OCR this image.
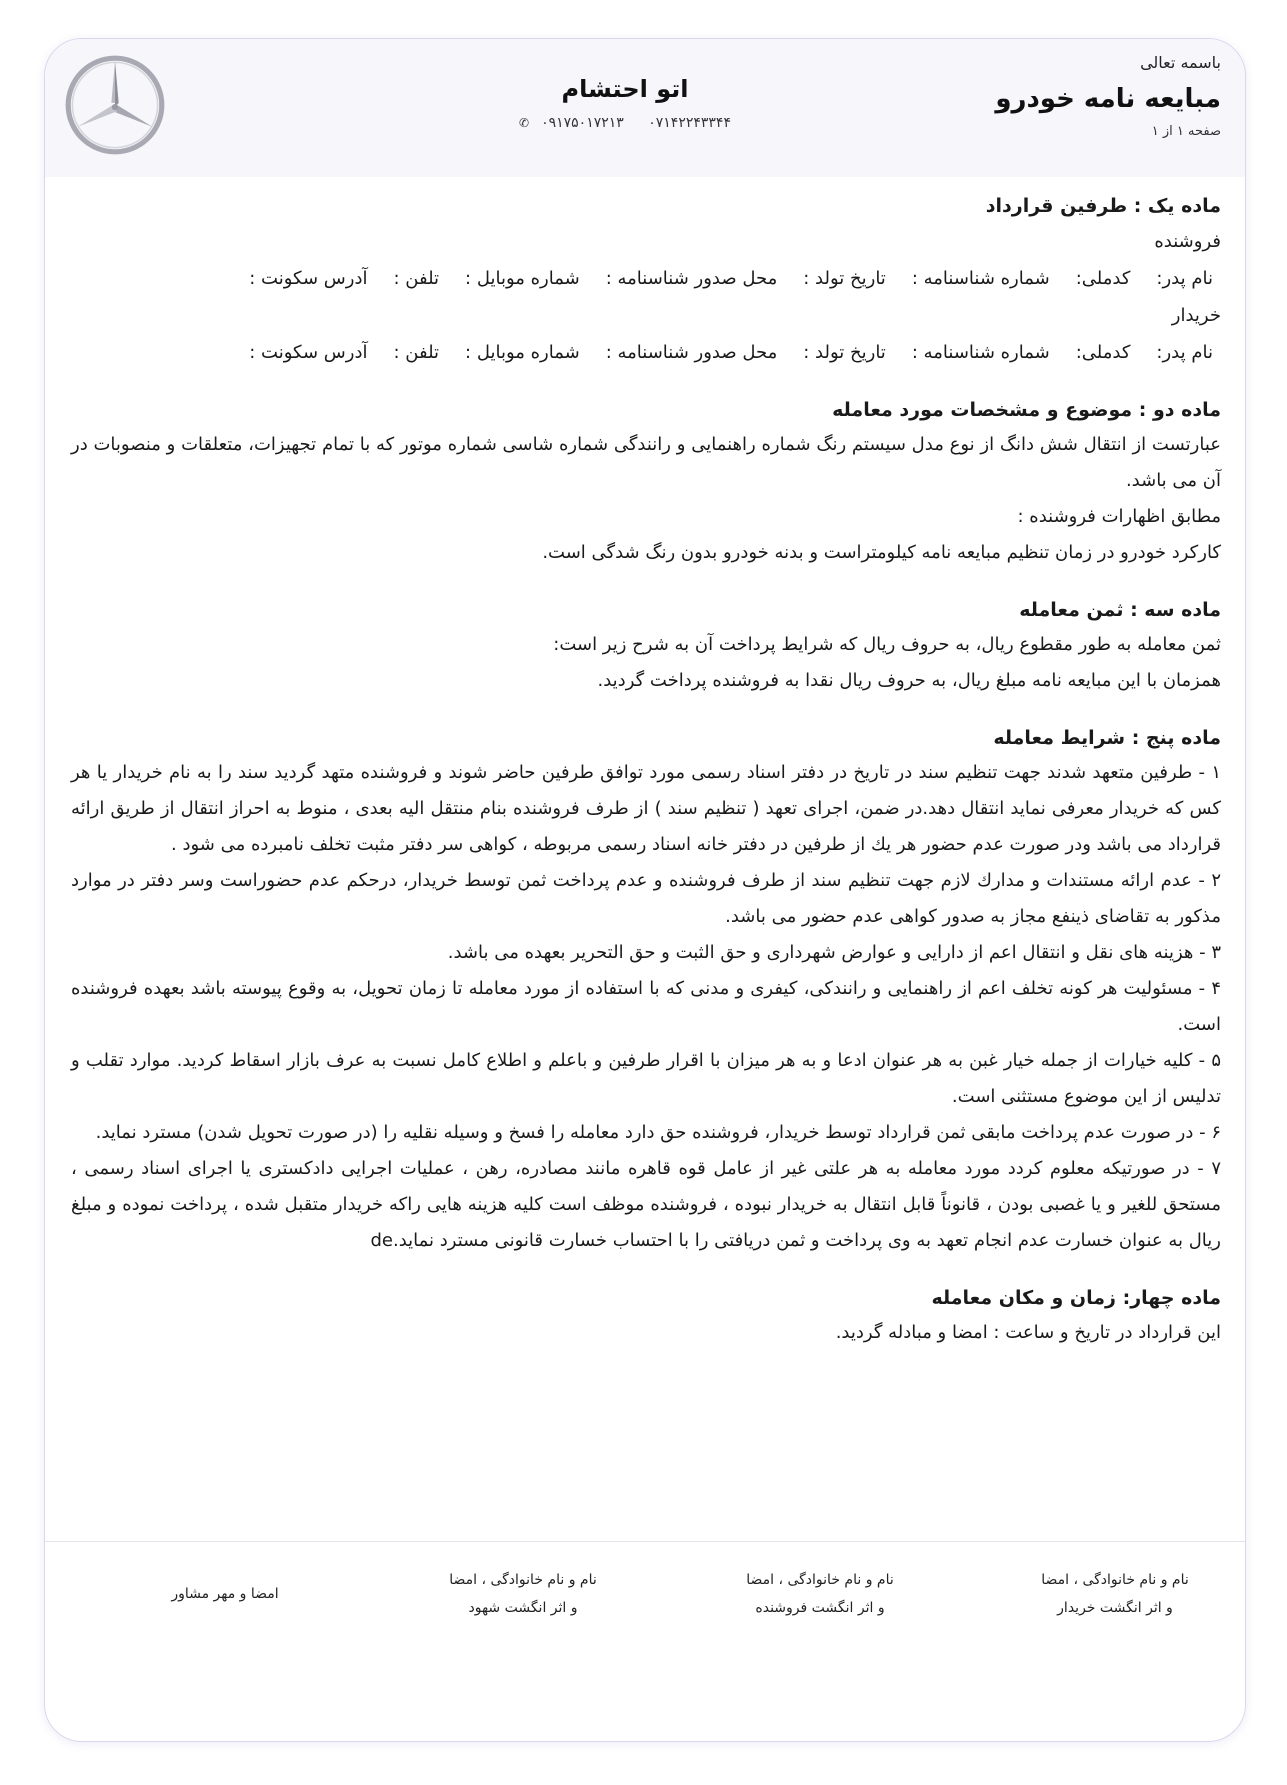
باسمه تعالی
مبایعه نامه خودرو
صفحه ۱ از ۱
اتو احتشام
✆ ۰۹۱۷۵۰۱۷۲۱۳ ۰۷۱۴۲۲۴۳۳۴۴
ماده یک : طرفین قرارداد
فروشنده
نام پدر:
کدملی:
شماره شناسنامه :
تاریخ تولد :
محل صدور شناسنامه :
شماره موبایل :
تلفن :
آدرس سکونت :
خریدار
نام پدر:
کدملی:
شماره شناسنامه :
تاریخ تولد :
محل صدور شناسنامه :
شماره موبایل :
تلفن :
آدرس سکونت :
ماده دو : موضوع و مشخصات مورد معامله
عبارتست از انتقال شش دانگ از نوع مدل سیستم رنگ شماره راهنمایی و رانندگی شماره شاسی شماره موتور که با تمام تجهیزات، متعلقات و منصوبات در آن می باشد.
مطابق اظهارات فروشنده :
کارکرد خودرو در زمان تنظیم مبایعه نامه کیلومتراست و بدنه خودرو بدون رنگ شدگی است.
ماده سه : ثمن معامله
ثمن معامله به طور مقطوع ریال، به حروف ریال که شرایط پرداخت آن به شرح زیر است:
همزمان با این مبایعه نامه مبلغ ریال، به حروف ریال نقدا به فروشنده پرداخت گردید.
ماده پنج : شرایط معامله

۱ - طرفین متعهد شدند جهت تنظیم سند در تاریخ در دفتر اسناد رسمی مورد توافق طرفین حاضر شوند و فروشنده متهد گردید سند را به نام خریدار یا هر کس که خریدار معرفی نماید انتقال دهد.در ضمن، اجرای تعهد ( تنظیم سند ) از طرف فروشنده بنام منتقل الیه بعدی ، منوط به احراز انتقال از طریق ارائه قرارداد می باشد ودر صورت عدم حضور هر یك از طرفین در دفتر خانه اسناد رسمی مربوطه ، کواهی سر دفتر مثبت تخلف نامبرده می شود .

۲ - عدم ارائه مستندات و مدارك لازم جهت تنظیم سند از طرف فروشنده و عدم پرداخت ثمن توسط خریدار، درحکم عدم حضوراست وسر دفتر در موارد مذکور به تقاضای ذینفع مجاز به صدور کواهی عدم حضور می باشد.

۳ - هزینه های نقل و انتقال اعم از دارایی و عوارض شهرداری و حق الثبت و حق التحریر بعهده می باشد.

۴ - مسئولیت هر کونه تخلف اعم از راهنمایی و رانندکی، کیفری و مدنی که با استفاده از مورد معامله تا زمان تحویل، به وقوع پیوسته باشد بعهده فروشنده است.

۵ - کلیه خیارات از جمله خیار غبن به هر عنوان ادعا و به هر میزان با اقرار طرفین و باعلم و اطلاع کامل نسبت به عرف بازار اسقاط کردید. موارد تقلب و تدلیس از این موضوع مستثنی است.

۶ - در صورت عدم پرداخت مابقی ثمن قرارداد توسط خریدار، فروشنده حق دارد معامله را فسخ و وسیله نقلیه را (در صورت تحویل شدن) مسترد نماید.

۷ - در صورتیکه معلوم کردد مورد معامله به هر علتی غیر از عامل قوه قاهره مانند مصادره، رهن ، عملیات اجرایی دادکستری یا اجرای اسناد رسمی ، مستحق للغیر و یا غصبی بودن ، قانوناً قابل انتقال به خریدار نبوده ، فروشنده موظف است کلیه هزینه هایی راکه خریدار متقبل شده ، پرداخت نموده و مبلغ ریال به عنوان خسارت عدم انجام تعهد به وی پرداخت و ثمن دریافتی را با احتساب خسارت قانونی مسترد نماید.de

ماده چهار: زمان و مکان معامله
این قرارداد در تاریخ و ساعت : امضا و مبادله گردید.
نام و نام خانوادگی ، امضا
و اثر انگشت خریدار
نام و نام خانوادگی ، امضا
و اثر انگشت فروشنده
نام و نام خانوادگی ، امضا
و اثر انگشت شهود
امضا و مهر مشاور
